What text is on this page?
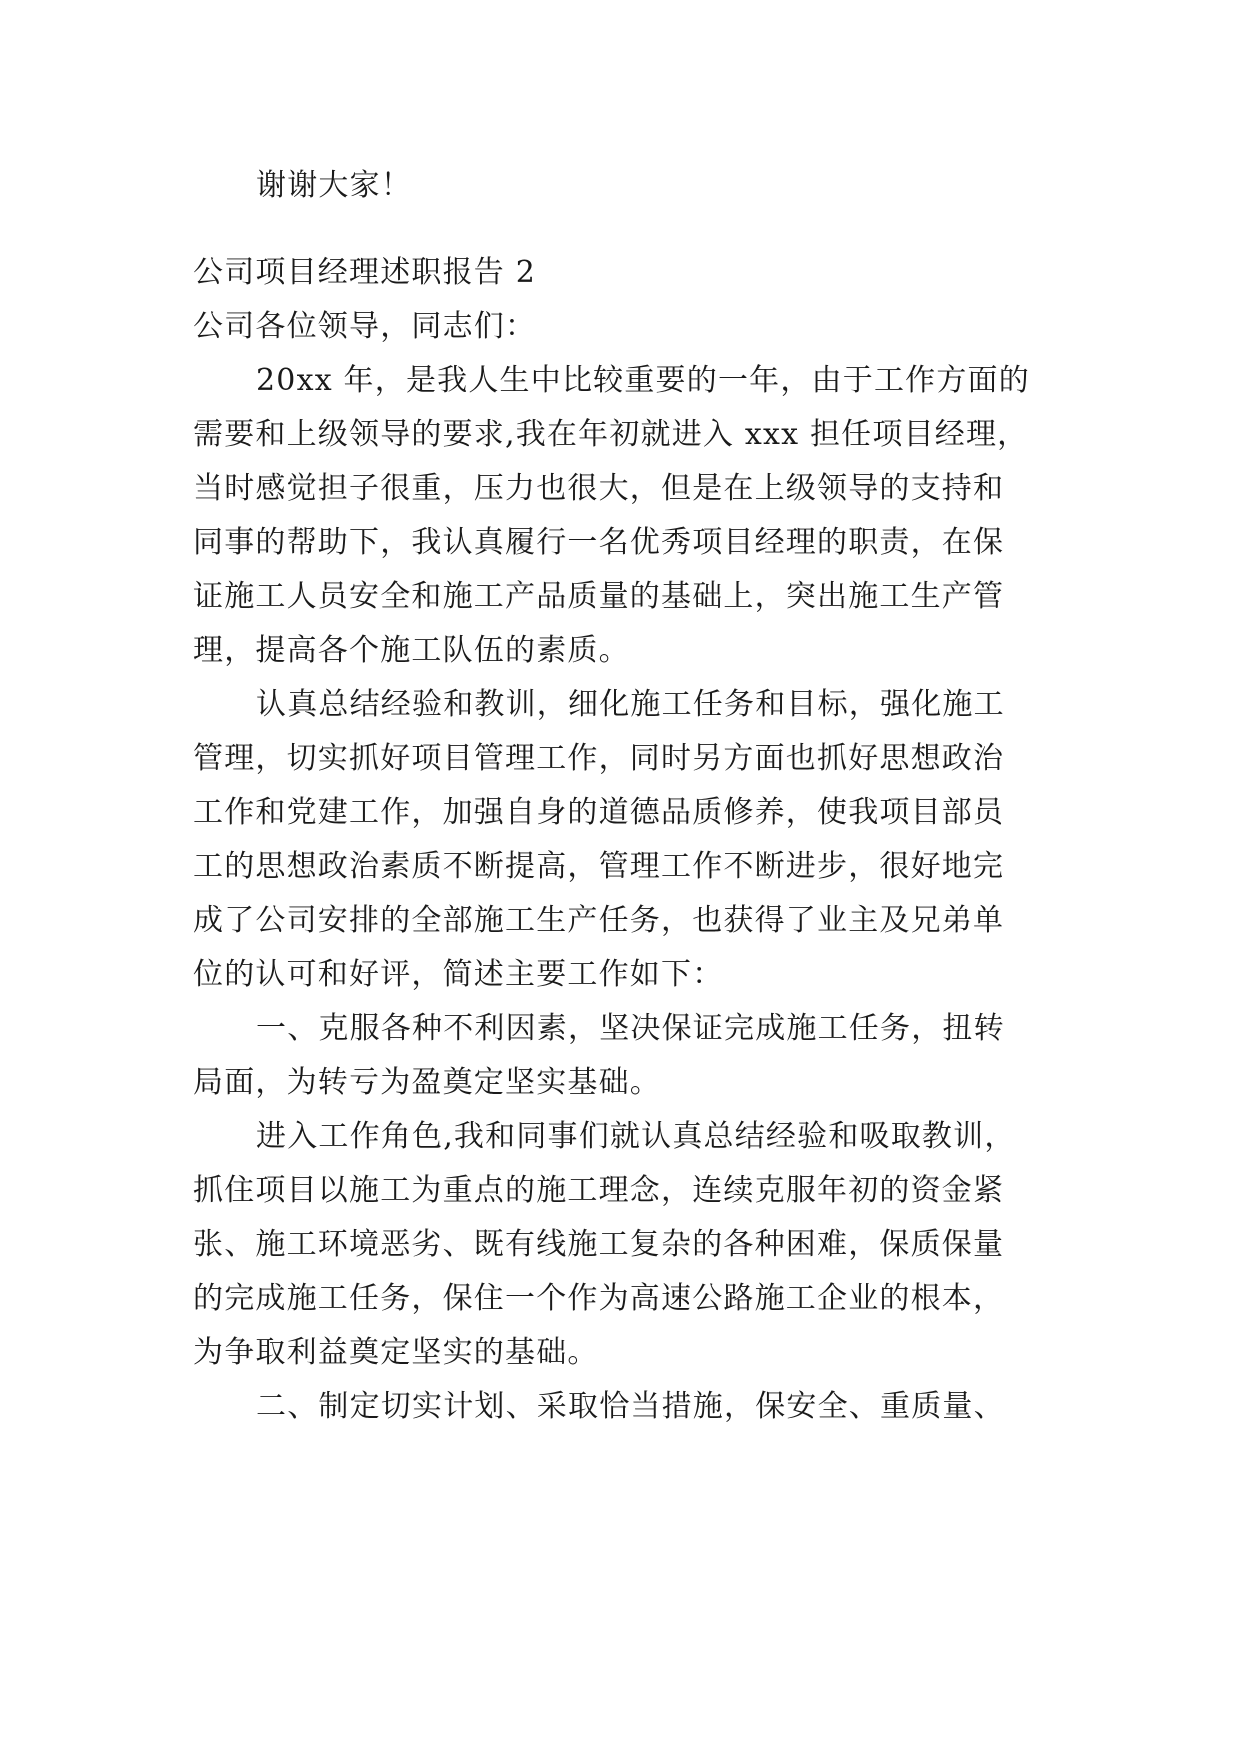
谢谢大家！
公司项目经理述职报告 2
公司各位领导，同志们：
20xx 年，是我人生中比较重要的一年，由于工作方面的
需要和上级领导的要求,我在年初就进入 xxx 担任项目经理，
当时感觉担子很重，压力也很大，但是在上级领导的支持和
同事的帮助下，我认真履行一名优秀项目经理的职责，在保
证施工人员安全和施工产品质量的基础上，突出施工生产管
理，提高各个施工队伍的素质。
认真总结经验和教训，细化施工任务和目标，强化施工
管理，切实抓好项目管理工作，同时另方面也抓好思想政治
工作和党建工作，加强自身的道德品质修养，使我项目部员
工的思想政治素质不断提高，管理工作不断进步，很好地完
成了公司安排的全部施工生产任务，也获得了业主及兄弟单
位的认可和好评，简述主要工作如下：
一、克服各种不利因素，坚决保证完成施工任务，扭转
局面，为转亏为盈奠定坚实基础。
进入工作角色,我和同事们就认真总结经验和吸取教训，
抓住项目以施工为重点的施工理念，连续克服年初的资金紧
张、施工环境恶劣、既有线施工复杂的各种困难，保质保量
的完成施工任务，保住一个作为高速公路施工企业的根本，
为争取利益奠定坚实的基础。
二、制定切实计划、采取恰当措施，保安全、重质量、
